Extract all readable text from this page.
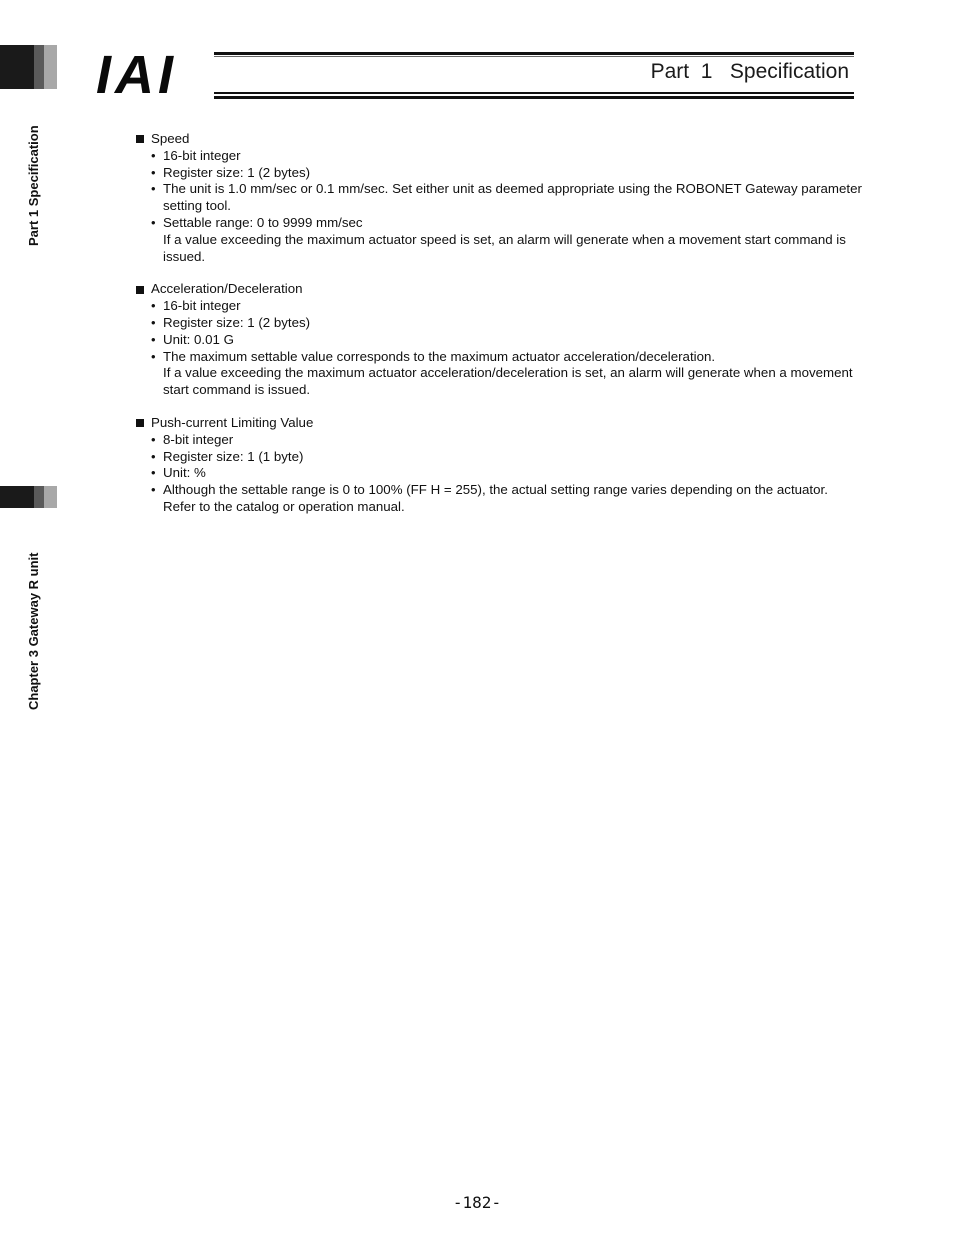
Part 1 Specification
Chapter 3 Gateway R unit
IAI	Part  1   Specification
Speed
• 16-bit integer
• Register size: 1 (2 bytes)
• The unit is 1.0 mm/sec or 0.1 mm/sec. Set either unit as deemed appropriate using the ROBONET Gateway parameter setting tool.
• Settable range: 0 to 9999 mm/sec
If a value exceeding the maximum actuator speed is set, an alarm will generate when a movement start command is issued.
Acceleration/Deceleration
• 16-bit integer
• Register size: 1 (2 bytes)
• Unit: 0.01 G
• The maximum settable value corresponds to the maximum actuator acceleration/deceleration.
If a value exceeding the maximum actuator acceleration/deceleration is set, an alarm will generate when a movement start command is issued.
Push-current Limiting Value
• 8-bit integer
• Register size: 1 (1 byte)
• Unit: %
• Although the settable range is 0 to 100% (FF H = 255), the actual setting range varies depending on the actuator.
Refer to the catalog or operation manual.
-182-
